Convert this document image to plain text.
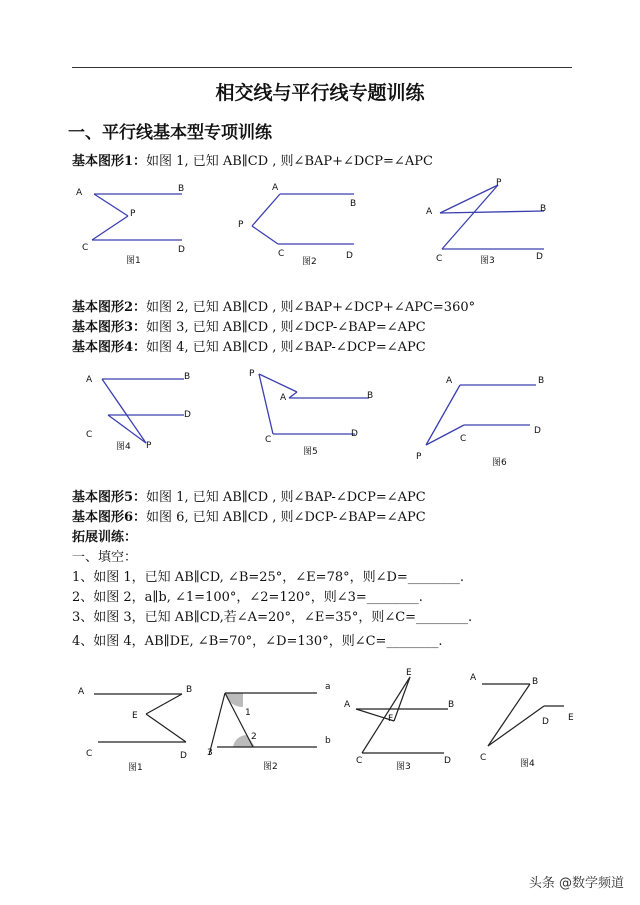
相交线与平行线专题训练
一、平行线基本型专项训练
基本图形1：如图 1, 已知 AB∥CD , 则∠BAP+∠DCP=∠APC
A	B
P
C	D
图1
A
B
P
C	D
图2
A	B
P
C	D
图3
基本图形2：如图 2, 已知 AB∥CD , 则∠BAP+∠DCP+∠APC=360°
基本图形3：如图 3, 已知 AB∥CD , 则∠DCP-∠BAP=∠APC
基本图形4：如图 4, 已知 AB∥CD , 则∠BAP-∠DCP=∠APC
A	B
C
D
P
图4
P
A	B
C
D
图5
A	B
C
D
P
图6
基本图形5：如图 1, 已知 AB∥CD , 则∠BAP-∠DCP=∠APC
基本图形6：如图 6, 已知 AB∥CD , 则∠DCP-∠BAP=∠APC
拓展训练：
一、填空：
1、如图 1，已知 AB∥CD, ∠B=25°，∠E=78°，则∠D=________.
2、如图 2，a∥b, ∠1=100°，∠2=120°，则∠3=________.
3、如图 3，已知 AB∥CD,若∠A=20°，∠E=35°，则∠C=________.
4、如图 4，AB∥DE, ∠B=70°，∠D=130°，则∠C=________.
A	B
E
C	D
图1
a
b
1
2
3
图2
A	B
E
F
C	D
图3
A	B
C
D E
图4
头条 @数学频道
